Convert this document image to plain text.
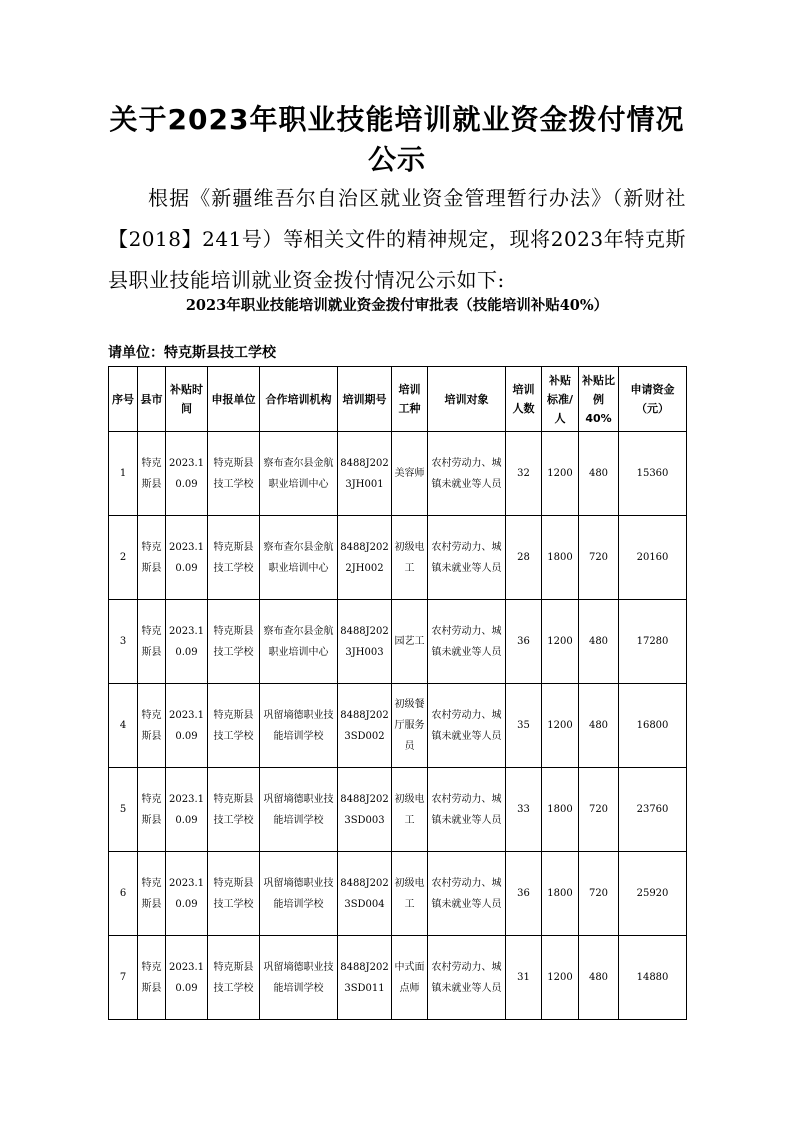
关于2023年职业技能培训就业资金拨付情况公示
根据《新疆维吾尔自治区就业资金管理暂行办法》（新财社【2018】241号）等相关文件的精神规定，现将2023年特克斯县职业技能培训就业资金拨付情况公示如下:
2023年职业技能培训就业资金拨付审批表（技能培训补贴40%）
请单位：特克斯县技工学校
序号	县市	补贴时间	申报单位	合作培训机构	培训期号	培训工种	培训对象	培训人数	补贴标准/人	补贴比例40%	申请资金（元）
1	特克斯县	2023.10.09	特克斯县技工学校	察布查尔县金航职业培训中心	8488J2023JH001	美容师	农村劳动力、城镇未就业等人员	32	1200	480	15360
2	特克斯县	2023.10.09	特克斯县技工学校	察布查尔县金航职业培训中心	8488J2022JH002	初级电工	农村劳动力、城镇未就业等人员	28	1800	720	20160
3	特克斯县	2023.10.09	特克斯县技工学校	察布查尔县金航职业培训中心	8488J2023JH003	园艺工	农村劳动力、城镇未就业等人员	36	1200	480	17280
4	特克斯县	2023.10.09	特克斯县技工学校	巩留墒德职业技能培训学校	8488J2023SD002	初级餐厅服务员	农村劳动力、城镇未就业等人员	35	1200	480	16800
5	特克斯县	2023.10.09	特克斯县技工学校	巩留墒德职业技能培训学校	8488J2023SD003	初级电工	农村劳动力、城镇未就业等人员	33	1800	720	23760
6	特克斯县	2023.10.09	特克斯县技工学校	巩留墒德职业技能培训学校	8488J2023SD004	初级电工	农村劳动力、城镇未就业等人员	36	1800	720	25920
7	特克斯县	2023.10.09	特克斯县技工学校	巩留墒德职业技能培训学校	8488J2023SD011	中式面点师	农村劳动力、城镇未就业等人员	31	1200	480	14880
